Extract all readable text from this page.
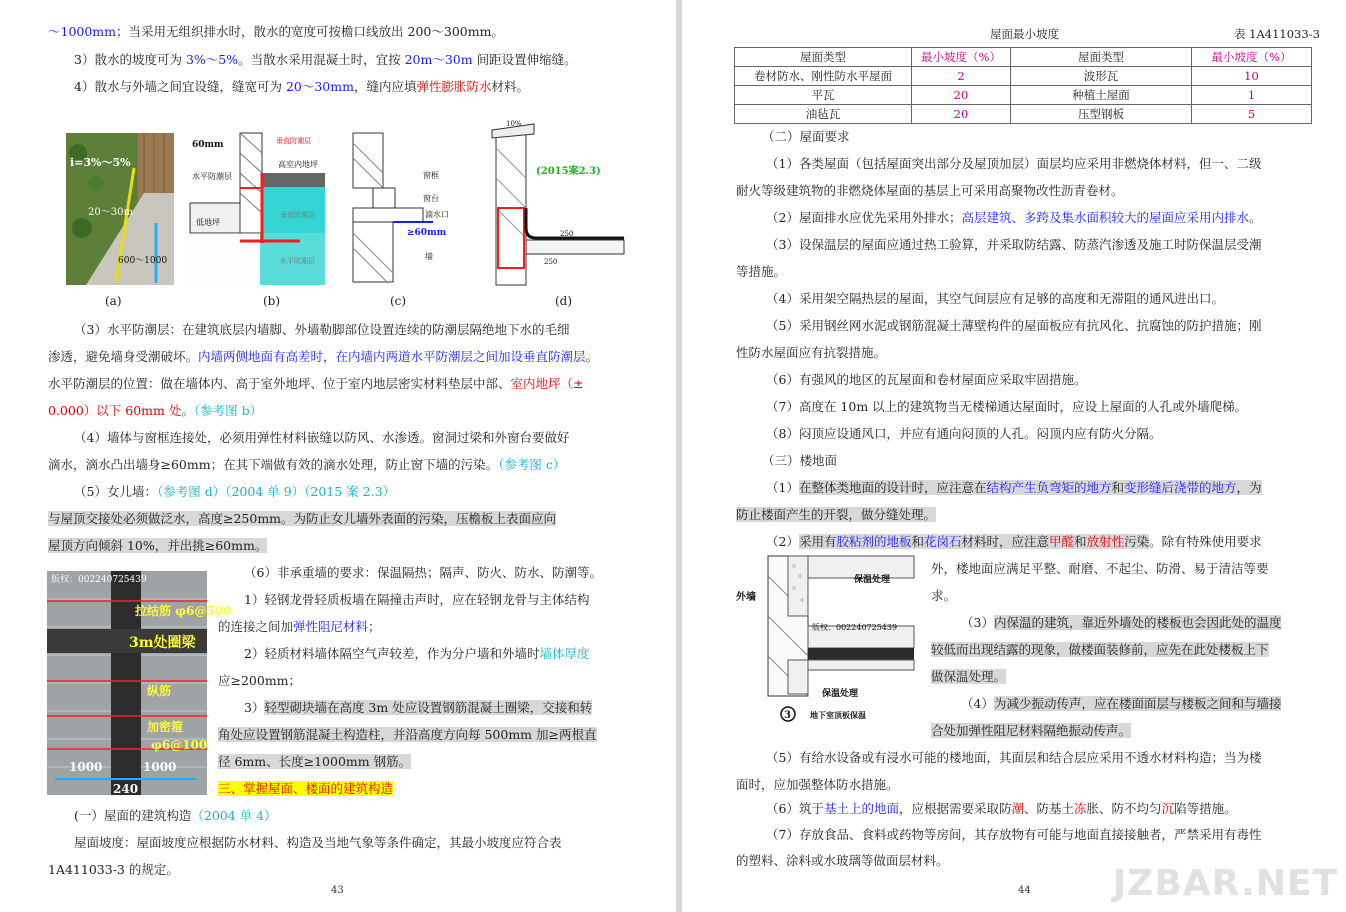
～1000mm；当采用无组织排水时，散水的宽度可按檐口线放出 200～300mm。
3）散水的坡度可为 3%～5%。当散水采用混凝土时，宜按 20m～30m 间距设置伸缩缝。
4）散水与外墙之间宜设缝，缝宽可为 20～30mm，缝内应填弹性膨胀防水材料。
i=3%～5%
20～30m
600～1000
60mm	垂直防潮层
高室内地坪
水平防潮层
低地坪
垂直防潮层
水平防潮层
窗框
窗台
滴水口
≥60mm
墙
10%
(2015案2.3)
250
250
(a)	(b)	(c)	(d)
（3）水平防潮层：在建筑底层内墙脚、外墙勒脚部位设置连续的防潮层隔绝地下水的毛细
渗透，避免墙身受潮破坏。内墙两侧地面有高差时，在内墙内两道水平防潮层之间加设垂直防潮层。
水平防潮层的位置：做在墙体内、高于室外地坪、位于室内地层密实材料垫层中部、室内地坪（±
0.000）以下 60mm 处。（参考图 b）
（4）墙体与窗框连接处，必须用弹性材料嵌缝以防风、水渗透。窗洞过梁和外窗台要做好
滴水，滴水凸出墙身≥60mm；在其下端做有效的滴水处理，防止窗下墙的污染。（参考图 c）
（5）女儿墙：（参考图 d）（2004 单 9）（2015 案 2.3）
与屋顶交接处必须做泛水，高度≥250mm。为防止女儿墙外表面的污染，压檐板上表面应向
屋顶方向倾斜 10%，并出挑≥60mm。
版权：002240725439
拉结筋 φ6@500
3m处圈梁
纵筋
加密箍
φ6@100
1000	1000
240
（6）非承重墙的要求：保温隔热；隔声、防火、防水、防潮等。
1）轻钢龙骨轻质板墙在隔撞击声时，应在轻钢龙骨与主体结构
的连接之间加弹性阻尼材料；
2）轻质材料墙体隔空气声较差，作为分户墙和外墙时墙体厚度
应≥200mm；
3）轻型砌块墙在高度 3m 处应设置钢筋混凝土圈梁，交接和转
角处应设置钢筋混凝土构造柱，并沿高度方向每 500mm 加≥两根直
径 6mm、长度≥1000mm 钢筋。
三、掌握屋面、楼面的建筑构造
(一）屋面的建筑构造（2004 单 4）
屋面坡度：屋面坡度应根据防水材料、构造及当地气象等条件确定，其最小坡度应符合表
1A411033-3 的规定。
43
屋面最小坡度	表 1A411033-3
屋面类型	最小坡度（%）	屋面类型	最小坡度（%）
卷材防水、刚性防水平屋面	2	波形瓦	10
平瓦	20	种植土屋面	1
油毡瓦	20	压型钢板	5
（二）屋面要求
（1）各类屋面（包括屋面突出部分及屋顶加层）面层均应采用非燃烧体材料，但一、二级
耐火等级建筑物的非燃烧体屋面的基层上可采用高聚物改性沥青卷材。
（2）屋面排水应优先采用外排水；高层建筑、多跨及集水面积较大的屋面应采用内排水。
（3）设保温层的屋面应通过热工验算，并采取防结露、防蒸汽渗透及施工时防保温层受潮
等措施。
（4）采用架空隔热层的屋面，其空气间层应有足够的高度和无滞阻的通风进出口。
（5）采用钢丝网水泥或钢筋混凝土薄壁构件的屋面板应有抗风化、抗腐蚀的防护措施；刚
性防水屋面应有抗裂措施。
（6）有强风的地区的瓦屋面和卷材屋面应采取牢固措施。
（7）高度在 10m 以上的建筑物当无楼梯通达屋面时，应设上屋面的人孔或外墙爬梯。
（8）闷顶应设通风口，并应有通向闷顶的人孔。闷顶内应有防火分隔。
（三）楼地面
（1）在整体类地面的设计时，应注意在结构产生负弯矩的地方和变形缝后浇带的地方，为
防止楼面产生的开裂，做分缝处理。
（2）采用有胶粘剂的地板和花岗石材料时，应注意甲醛和放射性污染。除有特殊使用要求
外，楼地面应满足平整、耐磨、不起尘、防滑、易于清洁等要
求。
外墙
保温处理
版权：002240725439
保温处理
3 地下室顶板保温
（3）内保温的建筑，靠近外墙处的楼板也会因此处的温度
较低而出现结露的现象，做楼面装修前，应先在此处楼板上下
做保温处理。
（4）为减少振动传声，应在楼面面层与楼板之间和与墙接
合处加弹性阻尼材料隔绝振动传声。
（5）有给水设备或有浸水可能的楼地面，其面层和结合层应采用不透水材料构造；当为楼
面时，应加强整体防水措施。
（6）筑于基土上的地面，应根据需要采取防潮、防基土冻胀、防不均匀沉陷等措施。
（7）存放食品、食料或药物等房间，其存放物有可能与地面直接接触者，严禁采用有毒性
的塑料、涂料或水玻璃等做面层材料。
44 JZBAR.NET
